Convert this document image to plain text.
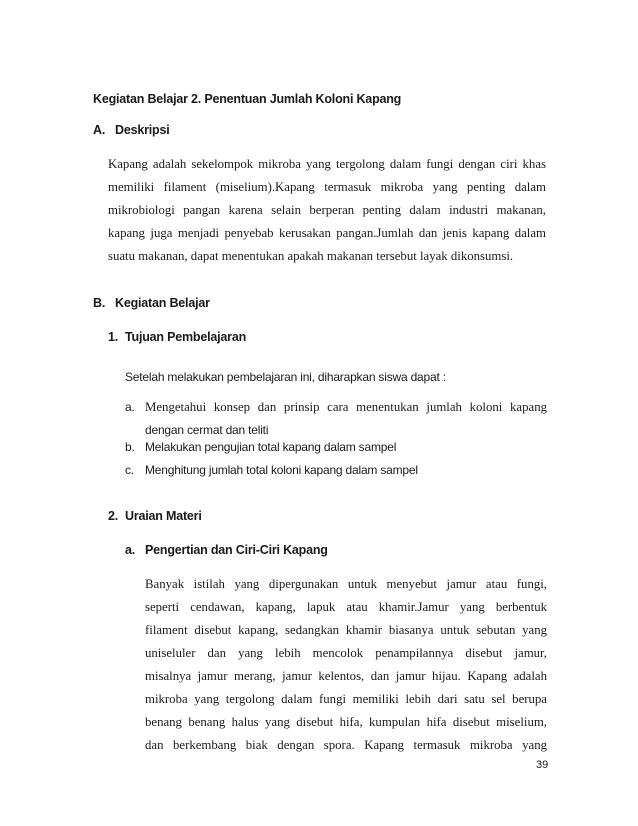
Kegiatan Belajar 2. Penentuan Jumlah Koloni Kapang
A. Deskripsi
Kapang adalah sekelompok mikroba yang tergolong dalam fungi dengan ciri khas
memiliki filament (miselium).Kapang termasuk mikroba yang penting dalam
mikrobiologi pangan karena selain berperan penting dalam industri makanan,
kapang juga menjadi penyebab kerusakan pangan.Jumlah dan jenis kapang dalam
suatu makanan, dapat menentukan apakah makanan tersebut layak dikonsumsi.
B. Kegiatan Belajar
1. Tujuan Pembelajaran
Setelah melakukan pembelajaran ini, diharapkan siswa dapat :
a. Mengetahui konsep dan prinsip cara menentukan jumlah koloni kapang
dengan cermat dan teliti
b. Melakukan pengujian total kapang dalam sampel
c. Menghitung jumlah total koloni kapang dalam sampel
2. Uraian Materi
a. Pengertian dan Ciri-Ciri Kapang
Banyak istilah yang dipergunakan untuk menyebut jamur atau fungi,
seperti cendawan, kapang, lapuk atau khamir.Jamur yang berbentuk
filament disebut kapang, sedangkan khamir biasanya untuk sebutan yang
uniseluler dan yang lebih mencolok penampilannya disebut jamur,
misalnya jamur merang, jamur kelentos, dan jamur hijau. Kapang adalah
mikroba yang tergolong dalam fungi memiliki lebih dari satu sel berupa
benang benang halus yang disebut hifa, kumpulan hifa disebut miselium,
dan berkembang biak dengan spora. Kapang termasuk mikroba yang
39
